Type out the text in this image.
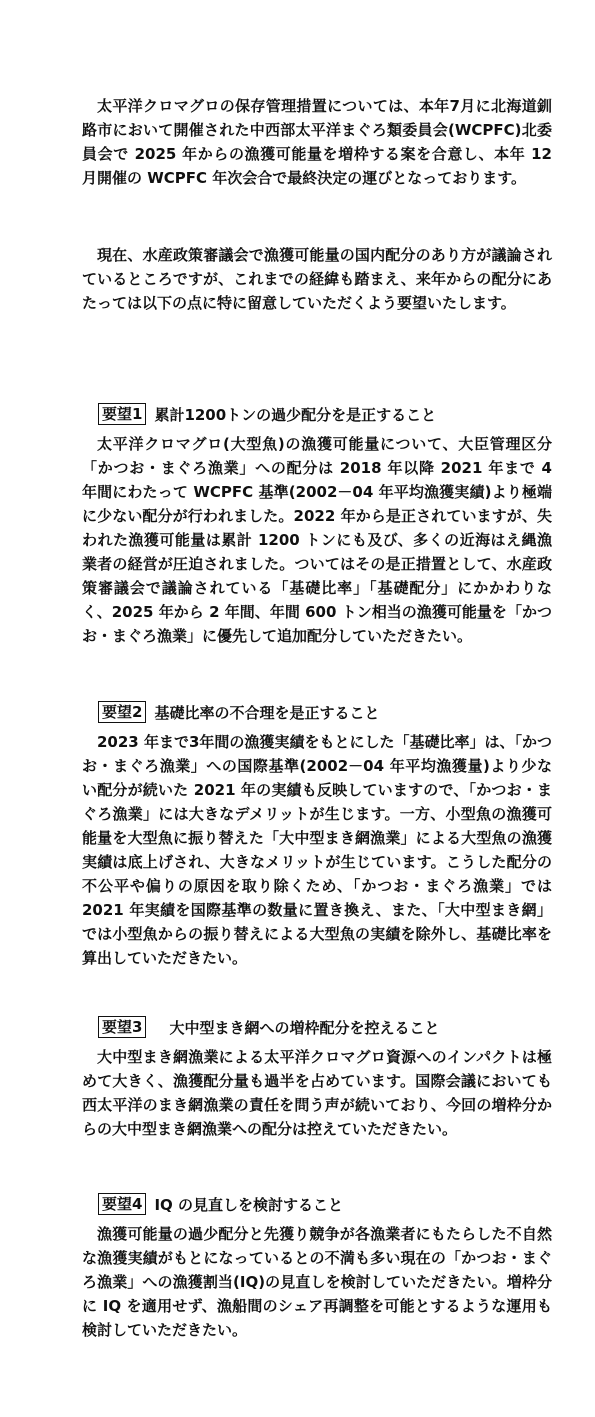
太平洋クロマグロの保存管理措置については、本年7月に北海道釧路市において開催された中西部太平洋まぐろ類委員会(WCPFC)北委員会で 2025 年からの漁獲可能量を増枠する案を合意し、本年 12 月開催の WCPFC 年次会合で最終決定の運びとなっております。

現在、水産政策審議会で漁獲可能量の国内配分のあり方が議論されているところですが、これまでの経緯も踏まえ、来年からの配分にあたっては以下の点に特に留意していただくよう要望いたします。

要望1 累計1200トンの過少配分を是正すること

太平洋クロマグロ(大型魚)の漁獲可能量について、大臣管理区分「かつお・まぐろ漁業」への配分は 2018 年以降 2021 年まで 4 年間にわたって WCPFC 基準(2002－04 年平均漁獲実績)より極端に少ない配分が行われました。2022 年から是正されていますが、失われた漁獲可能量は累計 1200 トンにも及び、多くの近海はえ縄漁業者の経営が圧迫されました。ついてはその是正措置として、水産政策審議会で議論されている「基礎比率」「基礎配分」にかかわりなく、2025 年から 2 年間、年間 600 トン相当の漁獲可能量を「かつお・まぐろ漁業」に優先して追加配分していただきたい。

要望2 基礎比率の不合理を是正すること

2023 年まで3年間の漁獲実績をもとにした「基礎比率」は、「かつお・まぐろ漁業」への国際基準(2002－04 年平均漁獲量)より少ない配分が続いた 2021 年の実績も反映していますので、「かつお・まぐろ漁業」には大きなデメリットが生じます。一方、小型魚の漁獲可能量を大型魚に振り替えた「大中型まき網漁業」による大型魚の漁獲実績は底上げされ、大きなメリットが生じています。こうした配分の不公平や偏りの原因を取り除くため、「かつお・まぐろ漁業」では 2021 年実績を国際基準の数量に置き換え、また、「大中型まき網」では小型魚からの振り替えによる大型魚の実績を除外し、基礎比率を算出していただきたい。

要望3 　大中型まき網への増枠配分を控えること

大中型まき網漁業による太平洋クロマグロ資源へのインパクトは極めて大きく、漁獲配分量も過半を占めています。国際会議においても西太平洋のまき網漁業の責任を問う声が続いており、今回の増枠分からの大中型まき網漁業への配分は控えていただきたい。

要望4 IQ の見直しを検討すること

漁獲可能量の過少配分と先獲り競争が各漁業者にもたらした不自然な漁獲実績がもとになっているとの不満も多い現在の「かつお・まぐろ漁業」への漁獲割当(IQ)の見直しを検討していただきたい。増枠分に IQ を適用せず、漁船間のシェア再調整を可能とするような運用も検討していただきたい。
